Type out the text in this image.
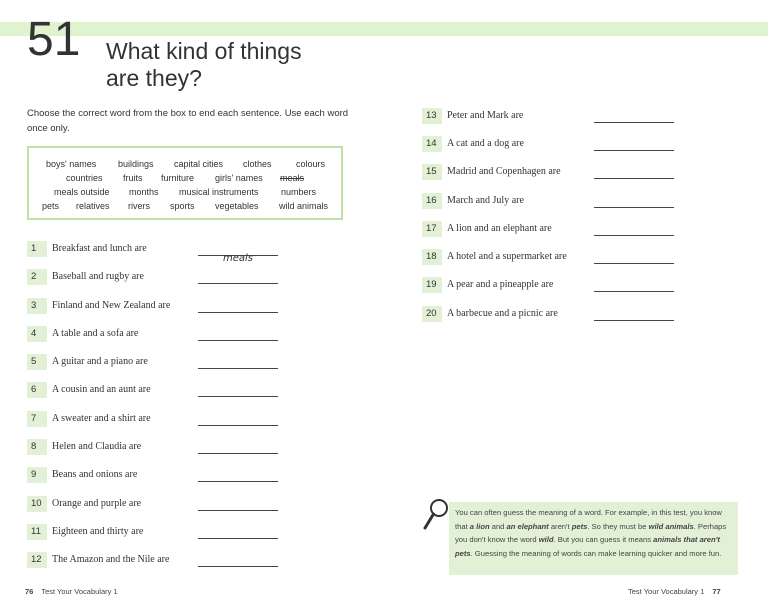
51 What kind of things
are they?
Choose the correct word from the box to end each sentence. Use each word once only.
boys' names buildings capital cities clothes	colours
countries fruits furniture girls' names meals
meals outside months musical instruments numbers
pets relatives rivers sports vegetables wild animals
1	Breakfast and lunch are
meals
2	Baseball and rugby are
3	Finland and New Zealand are
4	A table and a sofa are
5	A guitar and a piano are
6	A cousin and an aunt are
7	A sweater and a shirt are
8	Helen and Claudia are
9	Beans and onions are
10	Orange and purple are
11	Eighteen and thirty are
12	The Amazon and the Nile are
13	Peter and Mark are
14	A cat and a dog are
15	Madrid and Copenhagen are
16	March and July are
17	A lion and an elephant are
18	A hotel and a supermarket are
19	A pear and a pineapple are
20	A barbecue and a picnic are
You can often guess the meaning of a word. For example, in this test, you know that a lion and an elephant aren't pets. So they must be wild animals. Perhaps you don't know the word wild. But you can guess it means animals that aren't pets. Guessing the meaning of words can make learning quicker and more fun.
76 Test Your Vocabulary 1	Test Your Vocabulary 1 77
